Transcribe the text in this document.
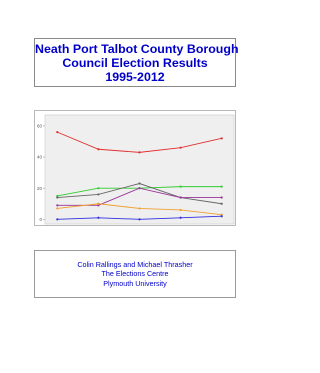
Neath Port Talbot County Borough
Council Election Results
1995-2012
0
20
40
60
Colin Rallings and Michael Thrasher
The Elections Centre
Plymouth University
